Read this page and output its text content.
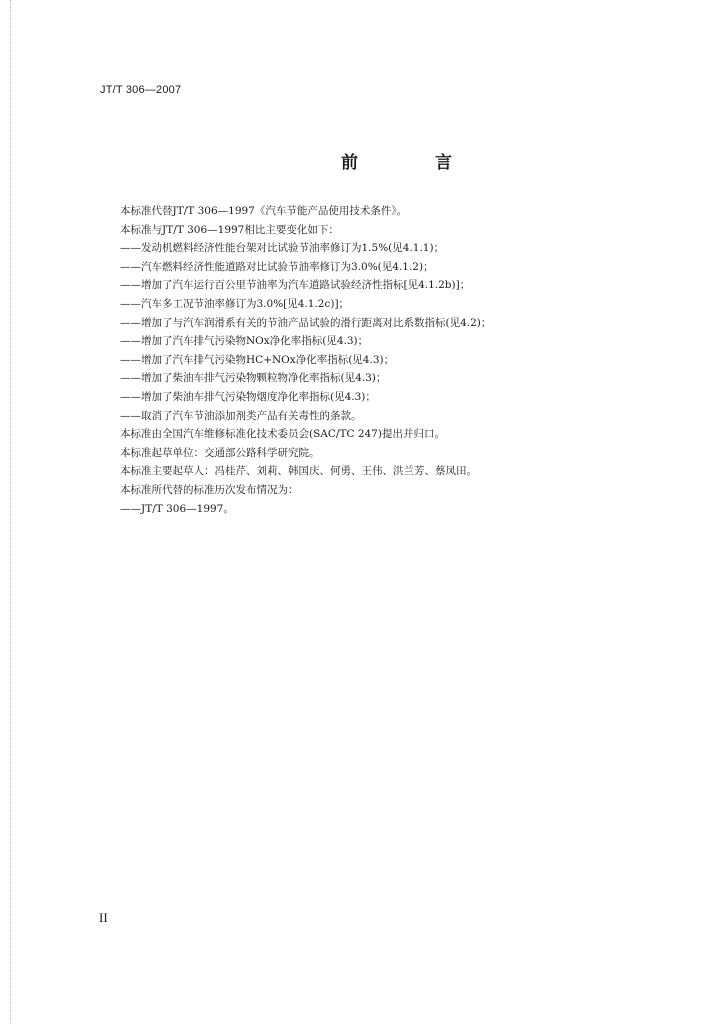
JT/T 306—2007
前　言

本标准代替JT/T 306—1997《汽车节能产品使用技术条件》。

本标准与JT/T 306—1997相比主要变化如下：

——发动机燃料经济性能台架对比试验节油率修订为1.5%(见4.1.1)；

——汽车燃料经济性能道路对比试验节油率修订为3.0%(见4.1.2)；

——增加了汽车运行百公里节油率为汽车道路试验经济性指标[见4.1.2b)]；

——汽车多工况节油率修订为3.0%[见4.1.2c)]；

——增加了与汽车润滑系有关的节油产品试验的滑行距离对比系数指标(见4.2)；

——增加了汽车排气污染物NOx净化率指标(见4.3)；

——增加了汽车排气污染物HC+NOx净化率指标(见4.3)；

——增加了柴油车排气污染物颗粒物净化率指标(见4.3)；

——增加了柴油车排气污染物烟度净化率指标(见4.3)；

——取消了汽车节油添加剂类产品有关毒性的条款。

本标准由全国汽车维修标准化技术委员会(SAC/TC 247)提出并归口。

本标准起草单位：交通部公路科学研究院。

本标准主要起草人：冯桂芹、刘莉、韩国庆、何勇、王伟、洪兰芳、蔡凤田。

本标准所代替的标准历次发布情况为：

——JT/T 306—1997。

II
